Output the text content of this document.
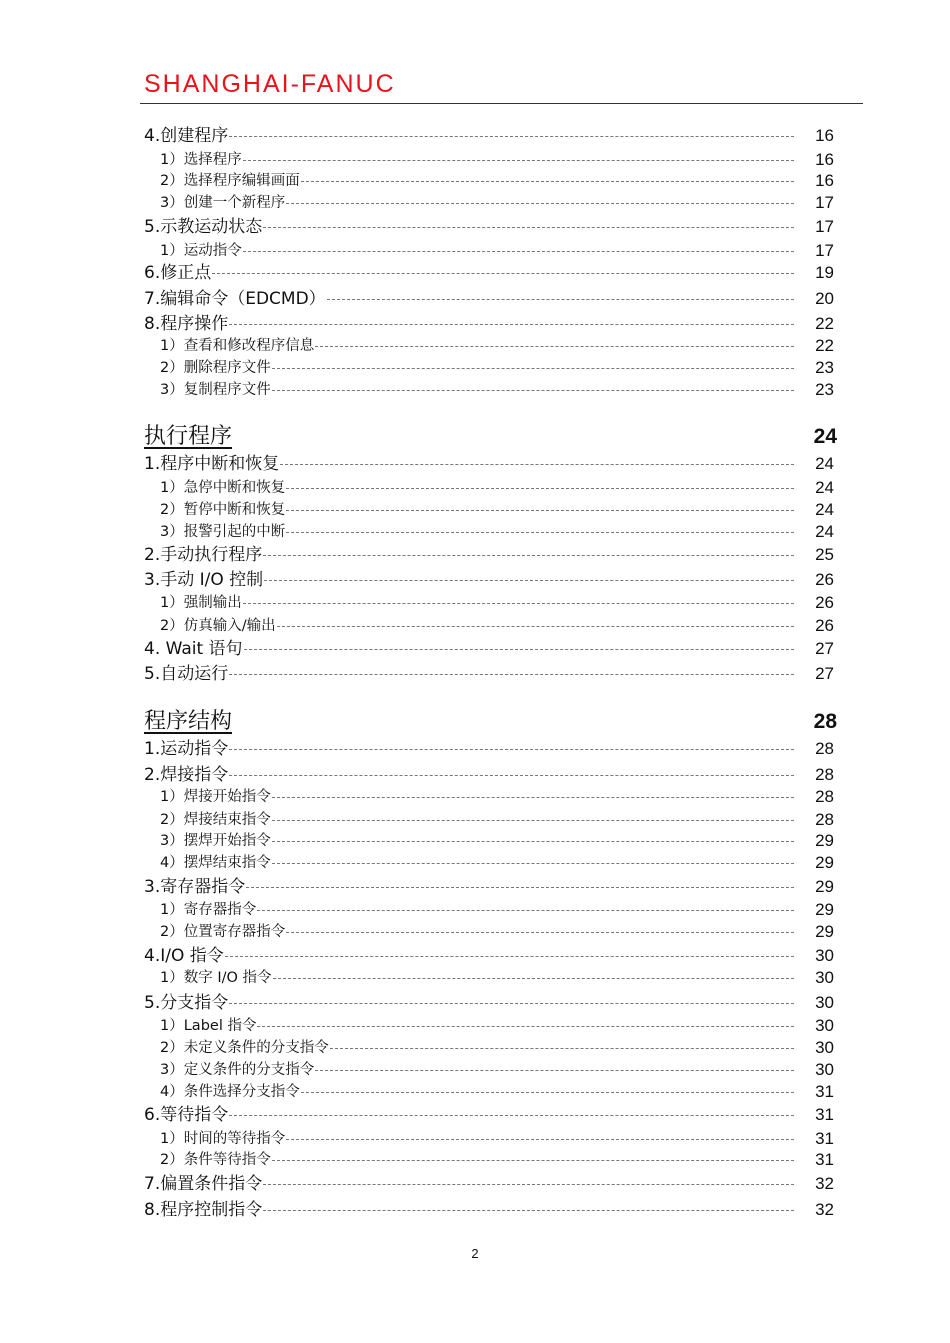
SHANGHAI-FANUC
4.创建程序	16
1）选择程序	16
2）选择程序编辑画面	16
3）创建一个新程序	17
5.示教运动状态	17
1）运动指令	17
6.修正点	19
7.编辑命令（EDCMD）	20
8.程序操作	22
1）查看和修改程序信息	22
2）删除程序文件	23
3）复制程序文件	23
执行程序	24
1.程序中断和恢复	24
1）急停中断和恢复	24
2）暂停中断和恢复	24
3）报警引起的中断	24
2.手动执行程序	25
3.手动 I/O 控制	26
1）强制输出	26
2）仿真输入/输出	26
4. Wait 语句	27
5.自动运行	27
程序结构	28
1.运动指令	28
2.焊接指令	28
1）焊接开始指令	28
2）焊接结束指令	28
3）摆焊开始指令	29
4）摆焊结束指令	29
3.寄存器指令	29
1）寄存器指令	29
2）位置寄存器指令	29
4.I/O 指令	30
1）数字 I/O 指令	30
5.分支指令	30
1）Label 指令	30
2）未定义条件的分支指令	30
3）定义条件的分支指令	30
4）条件选择分支指令	31
6.等待指令	31
1）时间的等待指令	31
2）条件等待指令	31
7.偏置条件指令	32
8.程序控制指令	32
2
